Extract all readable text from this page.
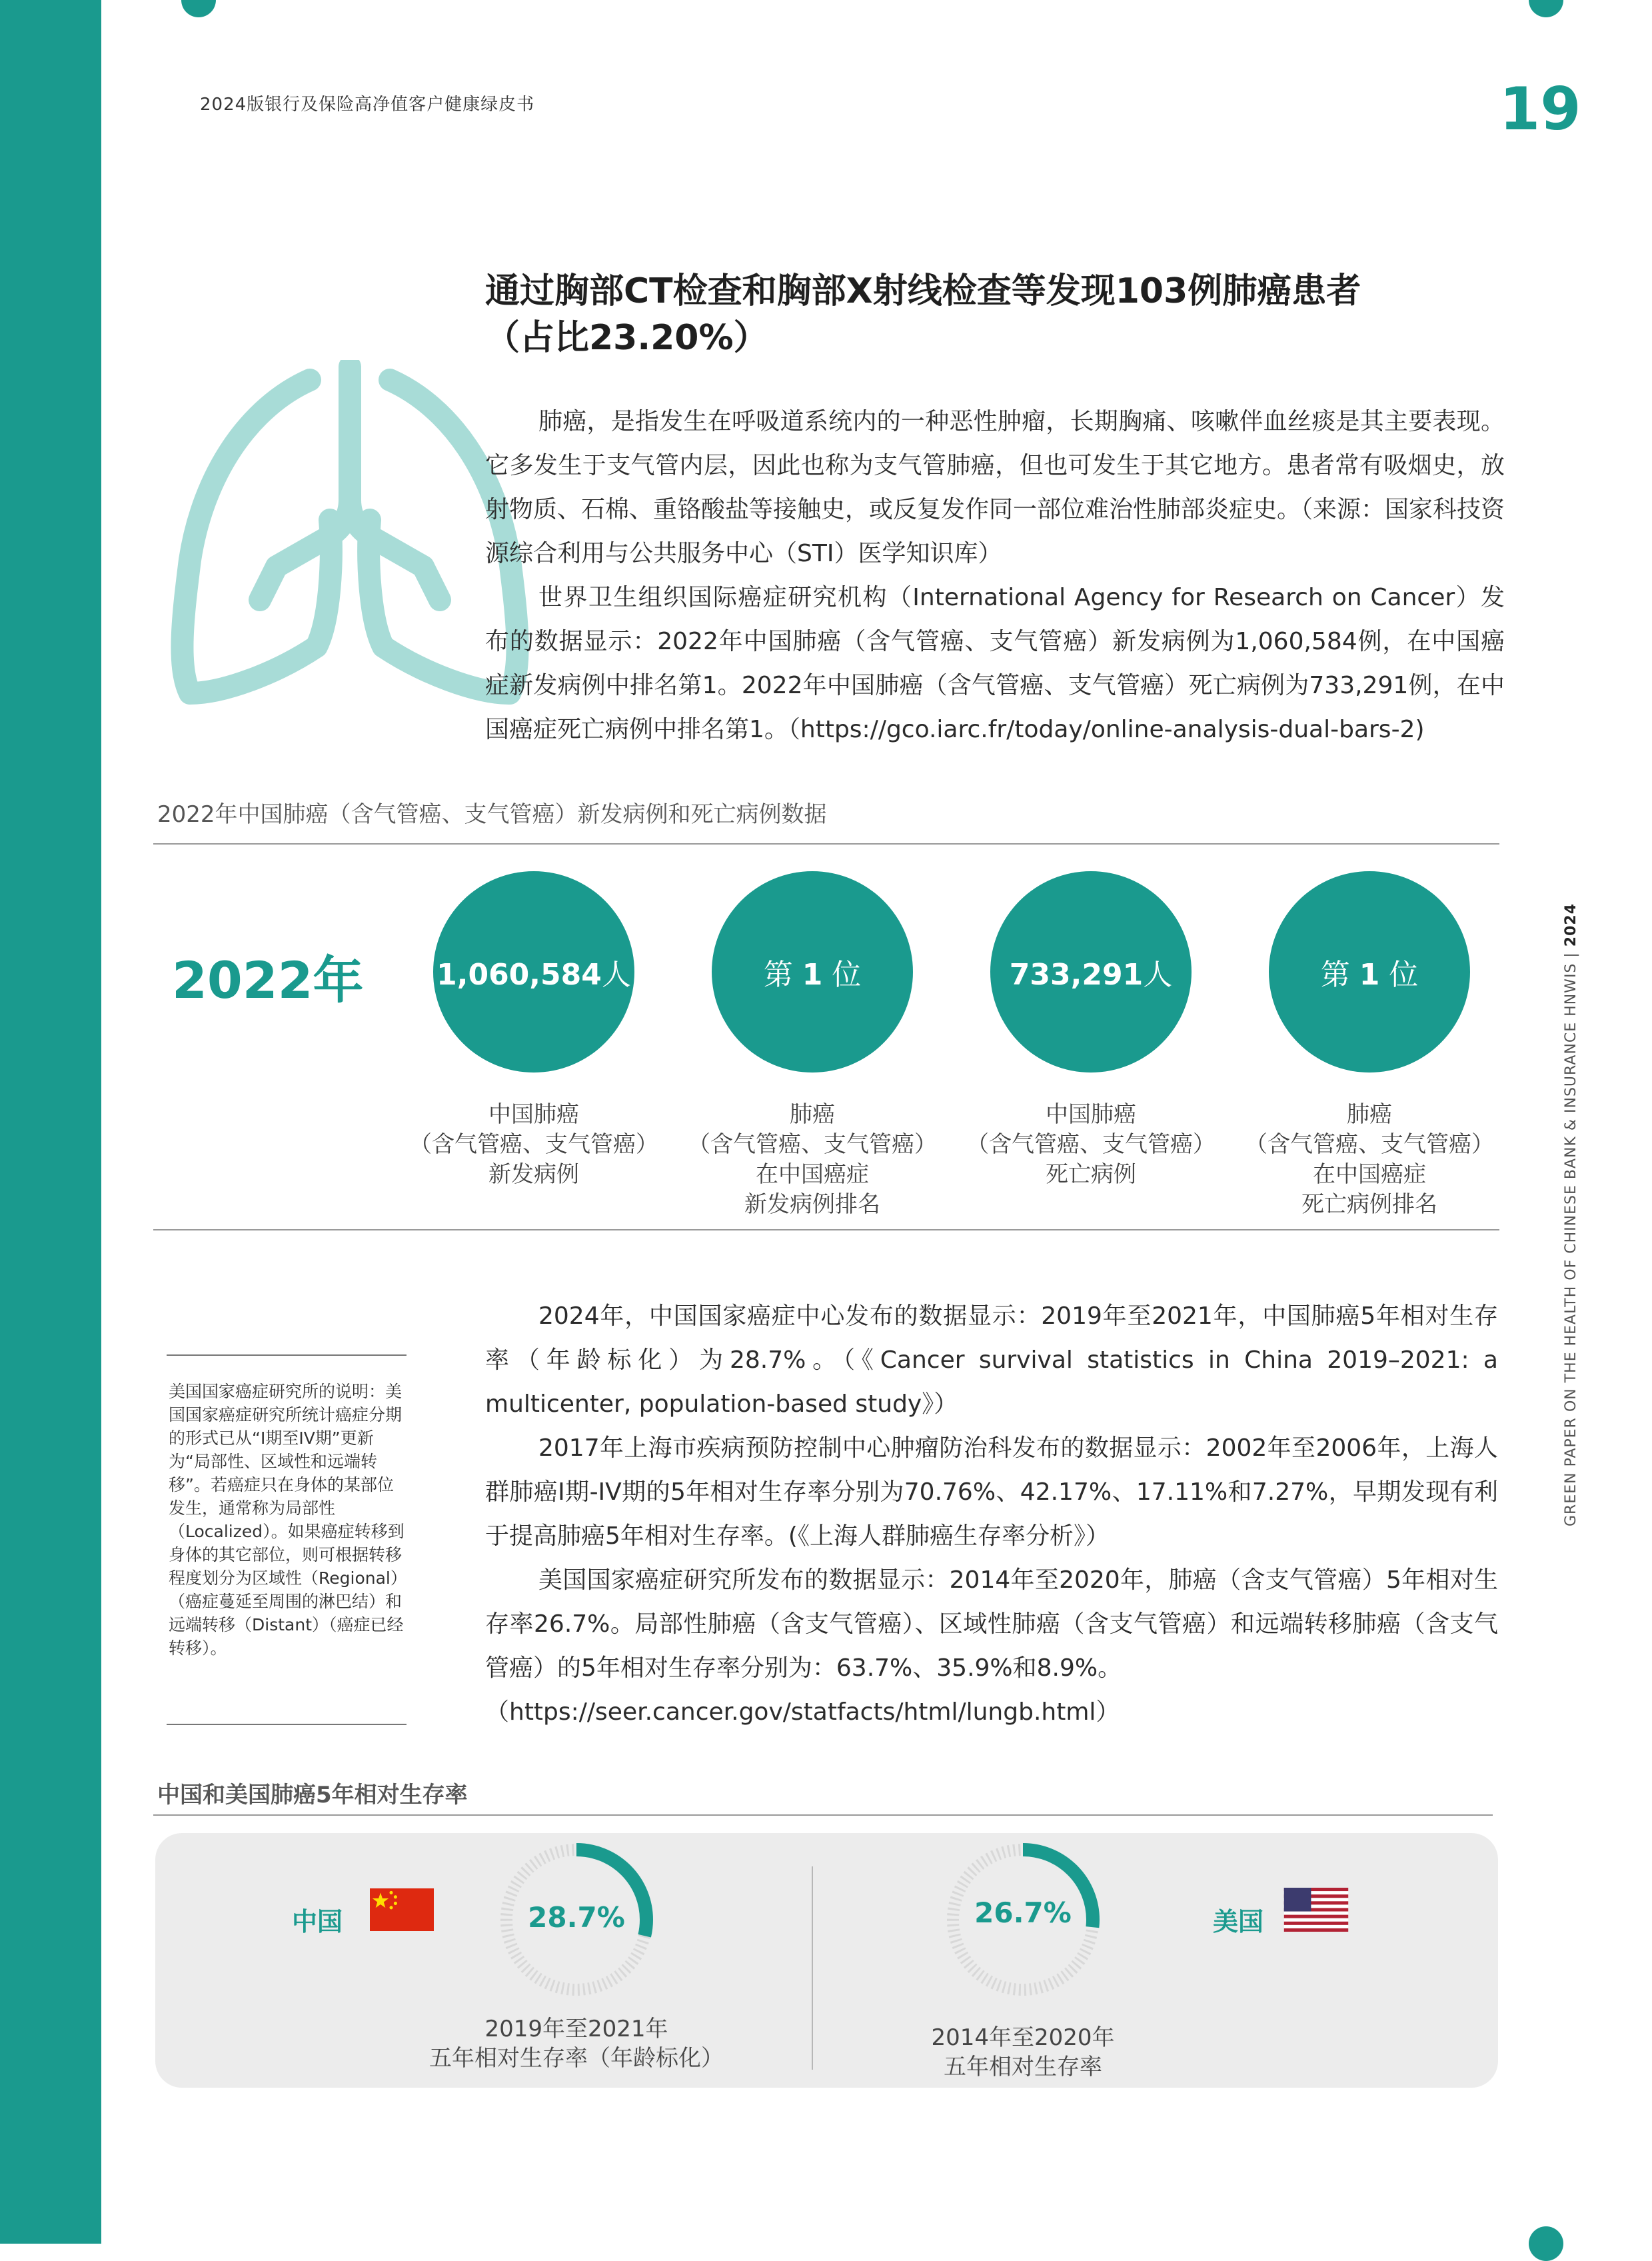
2024版银行及保险高净值客户健康绿皮书	19
GREEN PAPER ON THE HEALTH OF CHINESE BANK & INSURANCE HNWIS | 2024
通过胸部CT检查和胸部X射线检查等发现103例肺癌患者
（占比23.20%）
肺癌，是指发生在呼吸道系统内的一种恶性肿瘤，长期胸痛、咳嗽伴血丝痰是其主要表现。它多发生于支气管内层，因此也称为支气管肺癌，但也可发生于其它地方。患者常有吸烟史，放射物质、石棉、重铬酸盐等接触史，或反复发作同一部位难治性肺部炎症史。（来源：国家科技资源综合利用与公共服务中心（STI）医学知识库）
世界卫生组织国际癌症研究机构（International Agency for Research on Cancer）发布的数据显示：2022年中国肺癌（含气管癌、支气管癌）新发病例为1,060,584例，在中国癌症新发病例中排名第1。2022年中国肺癌（含气管癌、支气管癌）死亡病例为733,291例，在中国癌症死亡病例中排名第1。（https://gco.iarc.fr/today/online-analysis-dual-bars-2)
2022年中国肺癌（含气管癌、支气管癌）新发病例和死亡病例数据
2022年 1,060,584人	第 1 位	733,291人	第 1 位
中国肺癌
（含气管癌、支气管癌）
新发病例
肺癌
（含气管癌、支气管癌）
在中国癌症
新发病例排名
中国肺癌
（含气管癌、支气管癌）
死亡病例
肺癌
（含气管癌、支气管癌）
在中国癌症
死亡病例排名
美国国家癌症研究所的说明：美国国家癌症研究所统计癌症分期的形式已从“I期至IV期”更新为“局部性、区域性和远端转移”。若癌症只在身体的某部位发生，通常称为局部性（Localized）。如果癌症转移到身体的其它部位，则可根据转移程度划分为区域性（Regional）（癌症蔓延至周围的淋巴结）和远端转移（Distant）（癌症已经转移）。
2024年，中国国家癌症中心发布的数据显示：2019年至2021年，中国肺癌5年相对生存率（年龄标化）为28.7%。（《Cancer survival statistics in China 2019–2021: a multicenter, population-based study》）
2017年上海市疾病预防控制中心肿瘤防治科发布的数据显示：2002年至2006年，上海人群肺癌I期-IV期的5年相对生存率分别为70.76%、42.17%、17.11%和7.27%，早期发现有利于提高肺癌5年相对生存率。(《上海人群肺癌生存率分析》）
美国国家癌症研究所发布的数据显示：2014年至2020年，肺癌（含支气管癌）5年相对生存率26.7%。局部性肺癌（含支气管癌）、区域性肺癌（含支气管癌）和远端转移肺癌（含支气管癌）的5年相对生存率分别为：63.7%、35.9%和8.9%。
（https://seer.cancer.gov/statfacts/html/lungb.html）
中国和美国肺癌5年相对生存率
中国	28.7%
2019年至2021年
五年相对生存率（年龄标化）
26.7%	美国
2014年至2020年
五年相对生存率
